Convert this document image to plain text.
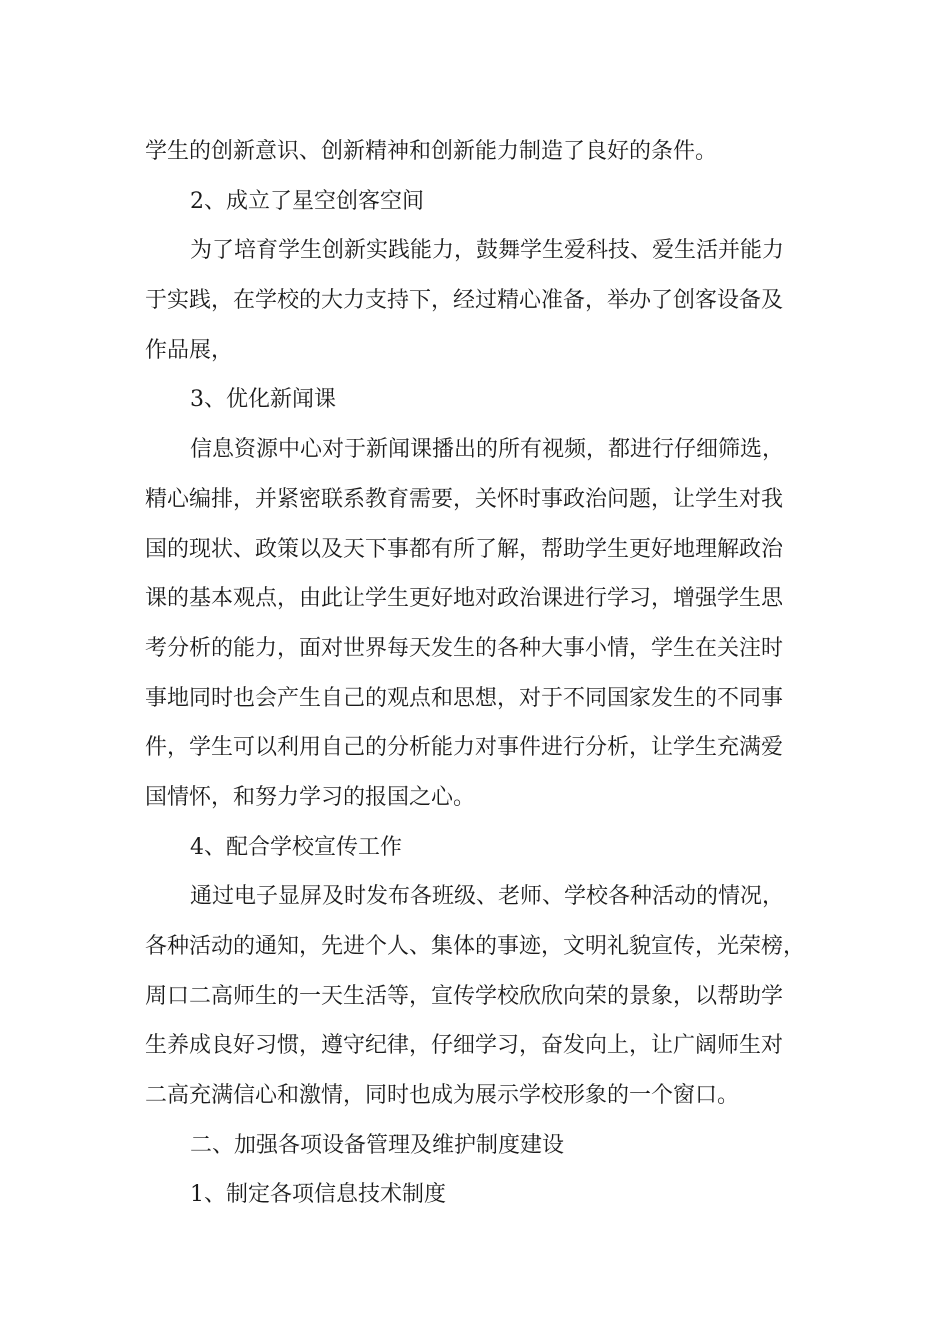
学生的创新意识、创新精神和创新能力制造了良好的条件。
2、成立了星空创客空间
为了培育学生创新实践能力，鼓舞学生爱科技、爱生活并能力
于实践，在学校的大力支持下，经过精心准备，举办了创客设备及
作品展，
3、优化新闻课
信息资源中心对于新闻课播出的所有视频，都进行仔细筛选，
精心编排，并紧密联系教育需要，关怀时事政治问题，让学生对我
国的现状、政策以及天下事都有所了解，帮助学生更好地理解政治
课的基本观点，由此让学生更好地对政治课进行学习，增强学生思
考分析的能力，面对世界每天发生的各种大事小情，学生在关注时
事地同时也会产生自己的观点和思想，对于不同国家发生的不同事
件，学生可以利用自己的分析能力对事件进行分析，让学生充满爱
国情怀，和努力学习的报国之心。
4、配合学校宣传工作
通过电子显屏及时发布各班级、老师、学校各种活动的情况，
各种活动的通知，先进个人、集体的事迹，文明礼貌宣传，光荣榜，
周口二高师生的一天生活等，宣传学校欣欣向荣的景象，以帮助学
生养成良好习惯，遵守纪律，仔细学习，奋发向上，让广阔师生对
二高充满信心和激情，同时也成为展示学校形象的一个窗口。
二、加强各项设备管理及维护制度建设
1、制定各项信息技术制度
